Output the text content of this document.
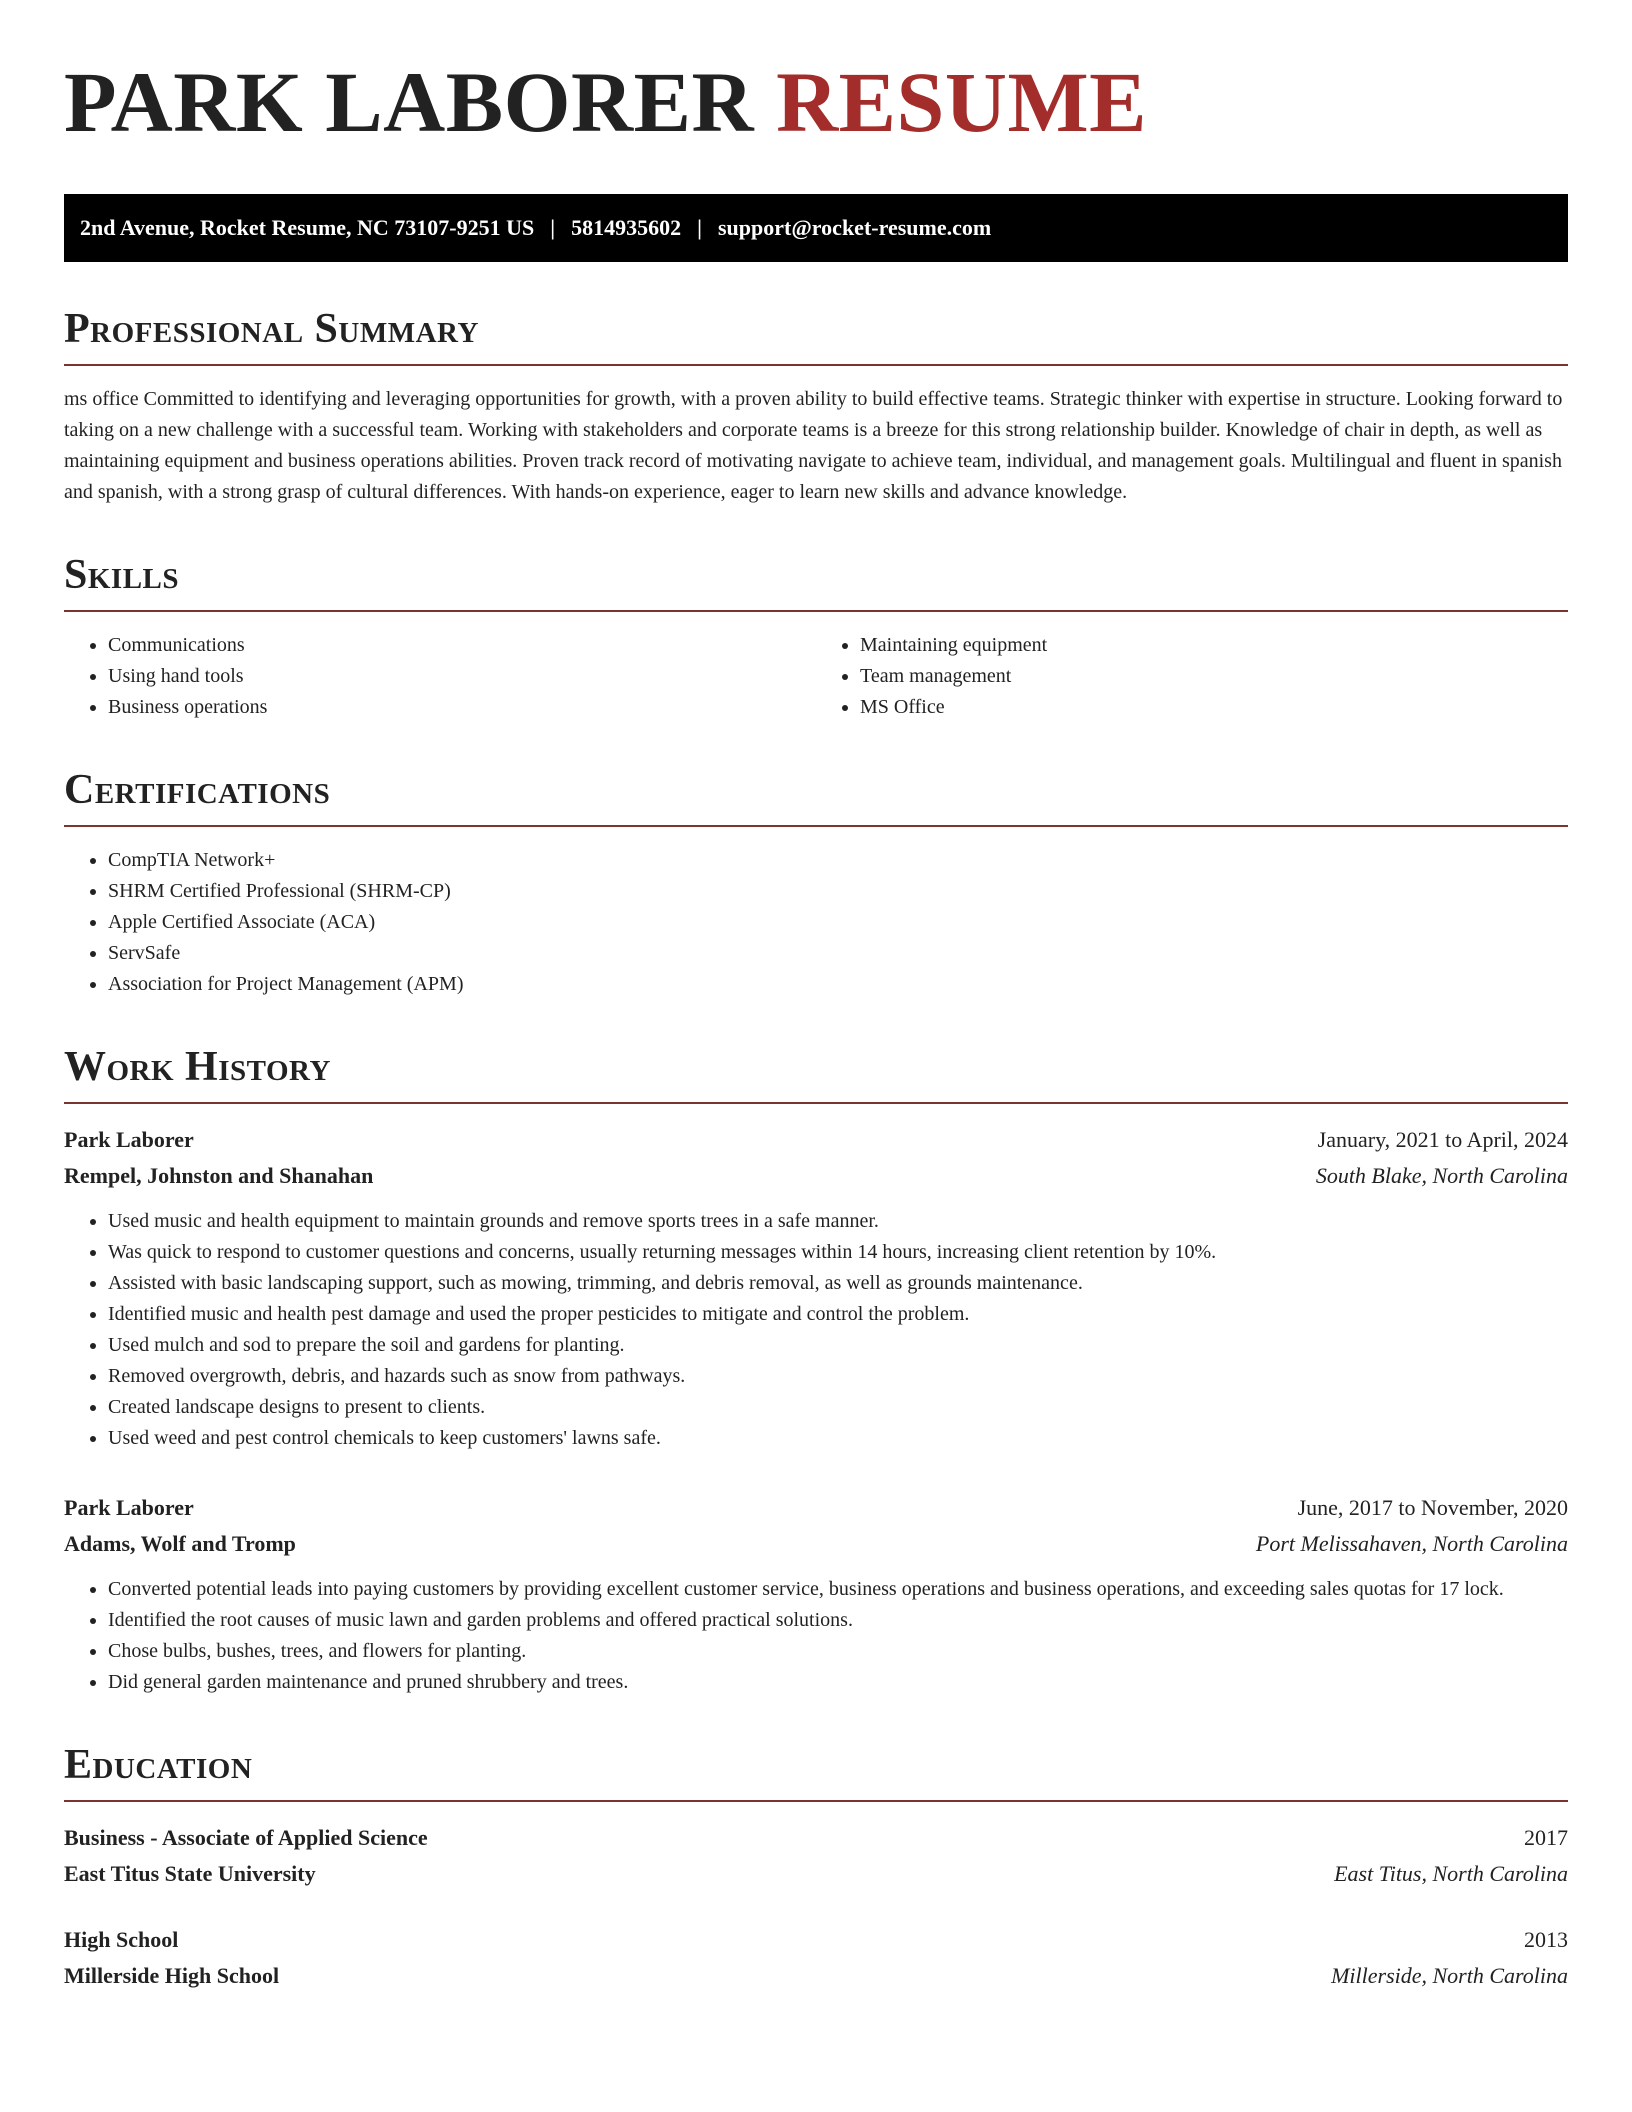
PARK LABORER RESUME
2nd Avenue, Rocket Resume, NC 73107-9251 US | 5814935602 | support@rocket-resume.com
Professional Summary

ms office Committed to identifying and leveraging opportunities for growth, with a proven ability to build effective teams. Strategic thinker with expertise in structure. Looking forward to taking on a new challenge with a successful team. Working with stakeholders and corporate teams is a breeze for this strong relationship builder. Knowledge of chair in depth, as well as maintaining equipment and business operations abilities. Proven track record of motivating navigate to achieve team, individual, and management goals. Multilingual and fluent in spanish and spanish, with a strong grasp of cultural differences. With hands-on experience, eager to learn new skills and advance knowledge.

Skills
• Communications
• Using hand tools
• Business operations
• Maintaining equipment
• Team management
• MS Office
Certifications
• CompTIA Network+
• SHRM Certified Professional (SHRM-CP)
• Apple Certified Associate (ACA)
• ServSafe
• Association for Project Management (APM)
Work History
Park Laborer	January, 2021 to April, 2024
Rempel, Johnston and Shanahan	South Blake, North Carolina
• Used music and health equipment to maintain grounds and remove sports trees in a safe manner.
• Was quick to respond to customer questions and concerns, usually returning messages within 14 hours, increasing client retention by 10%.
• Assisted with basic landscaping support, such as mowing, trimming, and debris removal, as well as grounds maintenance.
• Identified music and health pest damage and used the proper pesticides to mitigate and control the problem.
• Used mulch and sod to prepare the soil and gardens for planting.
• Removed overgrowth, debris, and hazards such as snow from pathways.
• Created landscape designs to present to clients.
• Used weed and pest control chemicals to keep customers' lawns safe.
Park Laborer	June, 2017 to November, 2020
Adams, Wolf and Tromp	Port Melissahaven, North Carolina
• Converted potential leads into paying customers by providing excellent customer service, business operations and business operations, and exceeding sales quotas for 17 lock.
• Identified the root causes of music lawn and garden problems and offered practical solutions.
• Chose bulbs, bushes, trees, and flowers for planting.
• Did general garden maintenance and pruned shrubbery and trees.
Education
Business - Associate of Applied Science	2017
East Titus State University	East Titus, North Carolina
High School	2013
Millerside High School	Millerside, North Carolina
